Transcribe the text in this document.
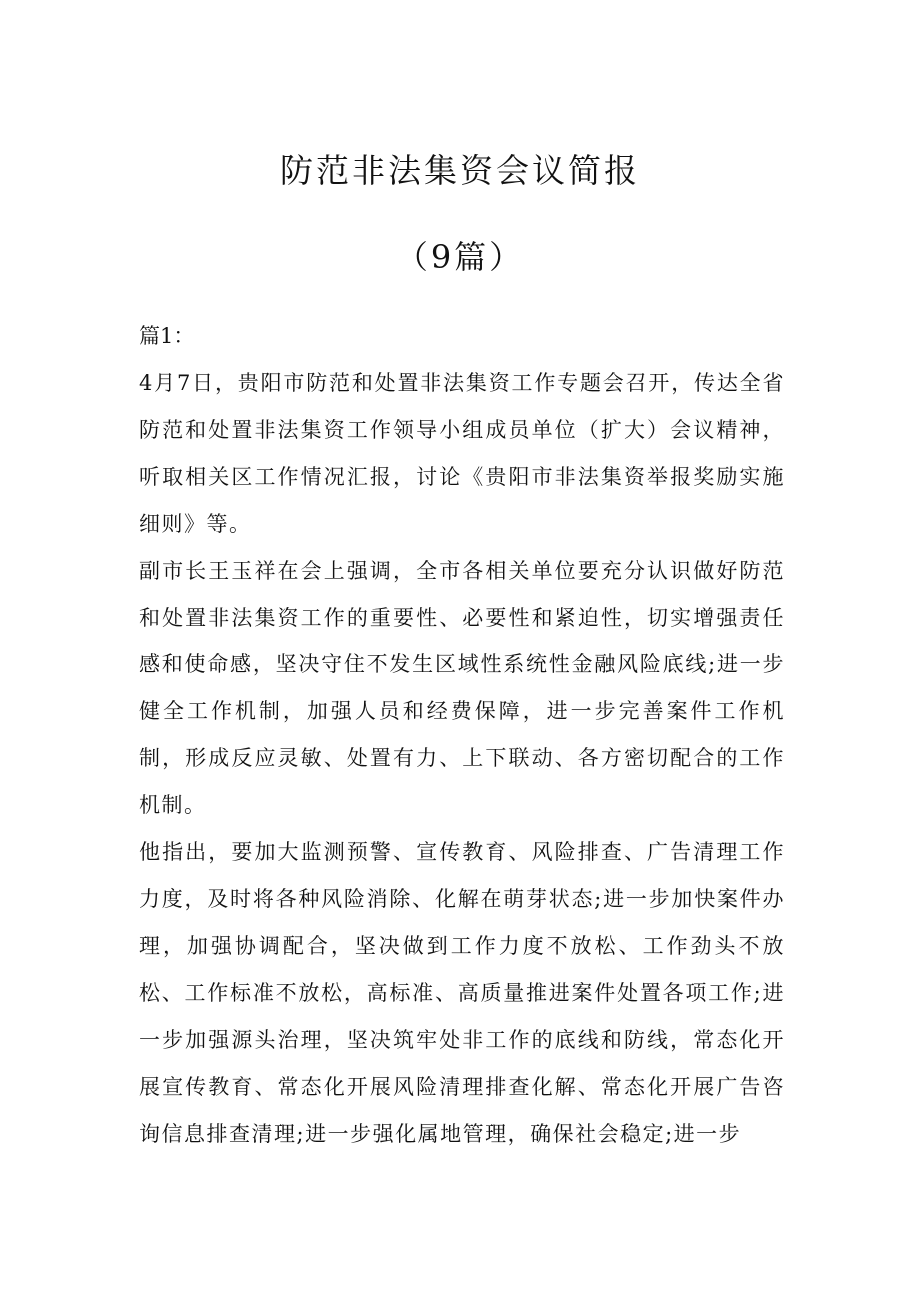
防范非法集资会议简报
（9篇）
篇1：

4月7日，贵阳市防范和处置非法集资工作专题会召开，传达全省防范和处置非法集资工作领导小组成员单位（扩大）会议精神，听取相关区工作情况汇报，讨论《贵阳市非法集资举报奖励实施细则》等。

副市长王玉祥在会上强调，全市各相关单位要充分认识做好防范和处置非法集资工作的重要性、必要性和紧迫性，切实增强责任感和使命感，坚决守住不发生区域性系统性金融风险底线;进一步健全工作机制，加强人员和经费保障，进一步完善案件工作机制，形成反应灵敏、处置有力、上下联动、各方密切配合的工作机制。

他指出，要加大监测预警、宣传教育、风险排查、广告清理工作力度，及时将各种风险消除、化解在萌芽状态;进一步加快案件办理，加强协调配合，坚决做到工作力度不放松、工作劲头不放松、工作标准不放松，高标准、高质量推进案件处置各项工作;进一步加强源头治理，坚决筑牢处非工作的底线和防线，常态化开展宣传教育、常态化开展风险清理排查化解、常态化开展广告咨询信息排查清理;进一步强化属地管理，确保社会稳定;进一步
